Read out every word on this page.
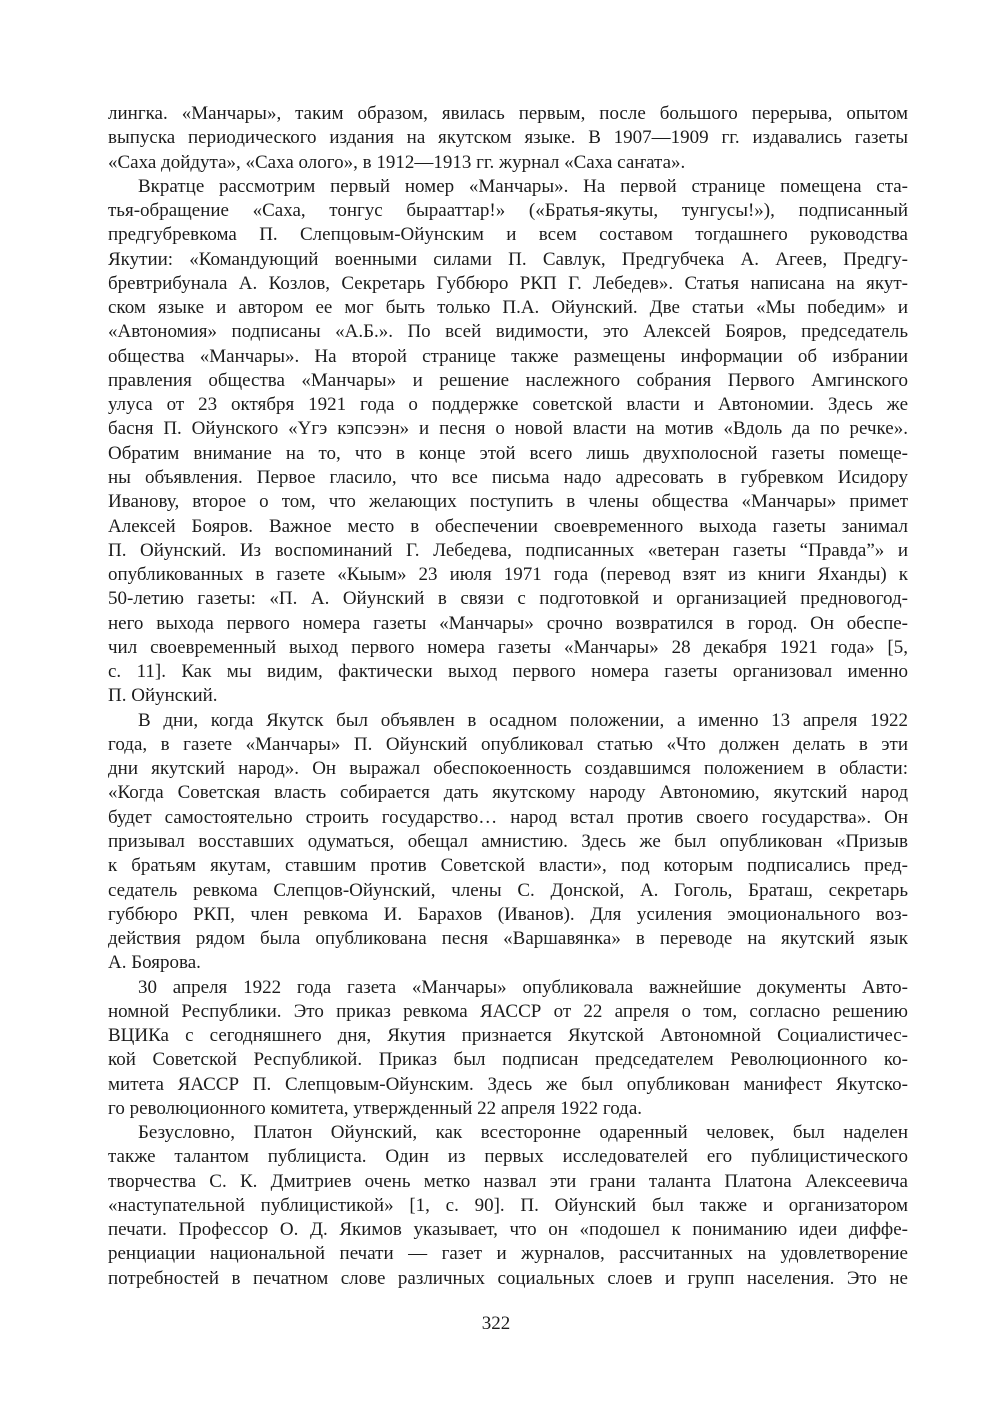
лингка. «Манчары», таким образом, явилась первым, после большого перерыва, опытом
выпуска периодического издания на якутском языке. В 1907—1909 гг. издавались газеты
«Саха дойдута», «Саха олого», в 1912—1913 гг. журнал «Саха саҥата».
Вкратце рассмотрим первый номер «Манчары». На первой странице помещена ста-
тья-обращение «Саха, тонгус бырааттар!» («Братья-якуты, тунгусы!»), подписанный
предгубревкома П. Слепцовым-Ойунским и всем составом тогдашнего руководства
Якутии: «Командующий военными силами П. Савлук, Предгубчека А. Агеев, Предгу-
бревтрибунала А. Козлов, Секретарь Губбюро РКП Г. Лебедев». Статья написана на якут-
ском языке и автором ее мог быть только П.А. Ойунский. Две статьи «Мы победим» и
«Автономия» подписаны «А.Б.». По всей видимости, это Алексей Бояров, председатель
общества «Манчары». На второй странице также размещены информации об избрании
правления общества «Манчары» и решение наслежного собрания Первого Амгинского
улуса от 23 октября 1921 года о поддержке советской власти и Автономии. Здесь же
басня П. Ойунского «Үгэ кэпсээн» и песня о новой власти на мотив «Вдоль да по речке».
Обратим внимание на то, что в конце этой всего лишь двухполосной газеты помеще-
ны объявления. Первое гласило, что все письма надо адресовать в губревком Исидору
Иванову, второе о том, что желающих поступить в члены общества «Манчары» примет
Алексей Бояров. Важное место в обеспечении своевременного выхода газеты занимал
П. Ойунский. Из воспоминаний Г. Лебедева, подписанных «ветеран газеты “Правда”» и
опубликованных в газете «Кыым» 23 июля 1971 года (перевод взят из книги Яханды) к
50-летию газеты: «П. А. Ойунский в связи с подготовкой и организацией предновогод-
него выхода первого номера газеты «Манчары» срочно возвратился в город. Он обеспе-
чил своевременный выход первого номера газеты «Манчары» 28 декабря 1921 года» [5,
с. 11]. Как мы видим, фактически выход первого номера газеты организовал именно
П. Ойунский.
В дни, когда Якутск был объявлен в осадном положении, а именно 13 апреля 1922
года, в газете «Манчары» П. Ойунский опубликовал статью «Что должен делать в эти
дни якутский народ». Он выражал обеспокоенность создавшимся положением в области:
«Когда Советская власть собирается дать якутскому народу Автономию, якутский народ
будет самостоятельно строить государство… народ встал против своего государства». Он
призывал восставших одуматься, обещал амнистию. Здесь же был опубликован «Призыв
к братьям якутам, ставшим против Советской власти», под которым подписались пред-
седатель ревкома Слепцов-Ойунский, члены С. Донской, А. Гоголь, Браташ, секретарь
губбюро РКП, член ревкома И. Барахов (Иванов). Для усиления эмоционального воз-
действия рядом была опубликована песня «Варшавянка» в переводе на якутский язык
А. Боярова.
30 апреля 1922 года газета «Манчары» опубликовала важнейшие документы Авто-
номной Республики. Это приказ ревкома ЯАССР от 22 апреля о том, согласно решению
ВЦИКа с сегодняшнего дня, Якутия признается Якутской Автономной Социалистичес-
кой Советской Республикой. Приказ был подписан председателем Революционного ко-
митета ЯАССР П. Слепцовым-Ойунским. Здесь же был опубликован манифест Якутско-
го революционного комитета, утвержденный 22 апреля 1922 года.
Безусловно, Платон Ойунский, как всесторонне одаренный человек, был наделен
также талантом публициста. Один из первых исследователей его публицистического
творчества С. К. Дмитриев очень метко назвал эти грани таланта Платона Алексеевича
«наступательной публицистикой» [1, с. 90]. П. Ойунский был также и организатором
печати. Профессор О. Д. Якимов указывает, что он «подошел к пониманию идеи диффе-
ренциации национальной печати — газет и журналов, рассчитанных на удовлетворение
потребностей в печатном слове различных социальных слоев и групп населения. Это не
322
